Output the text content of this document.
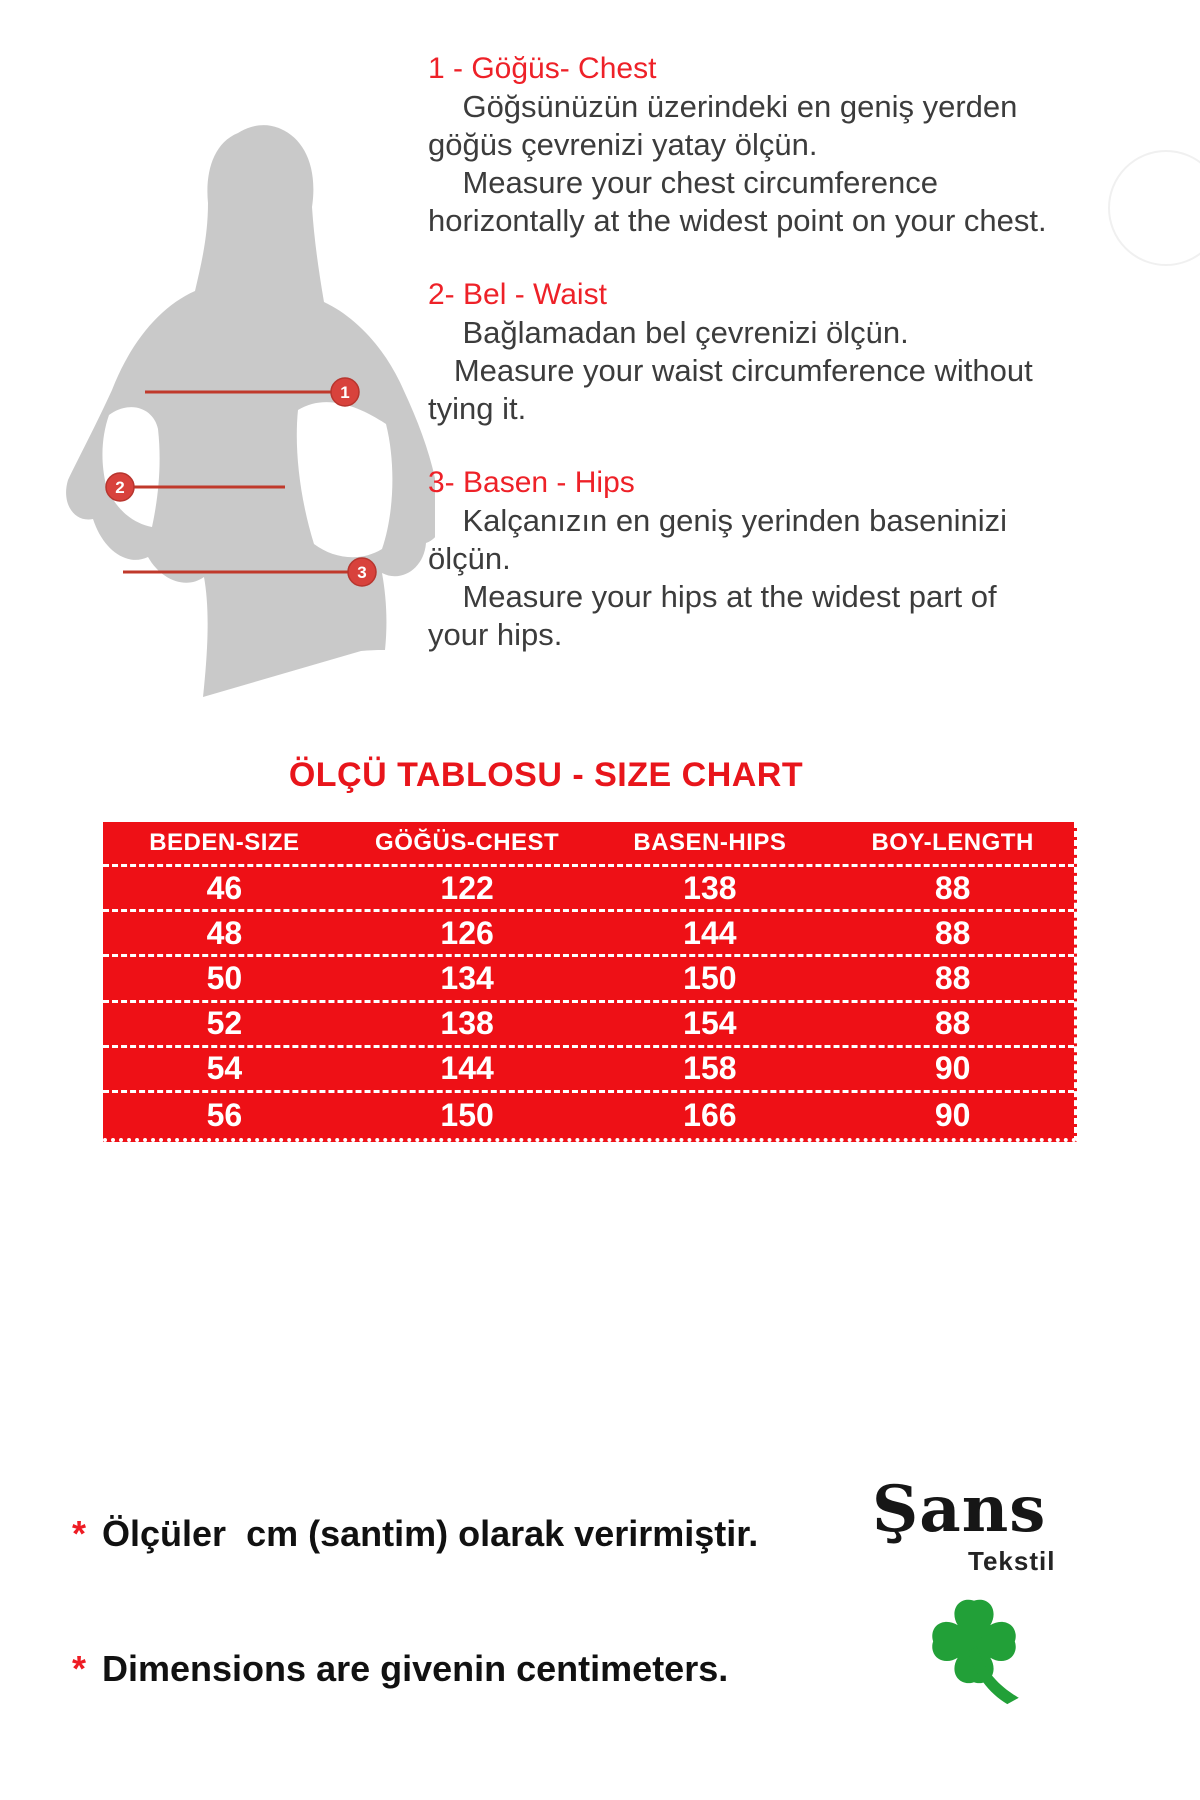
1
2
3
1 - Göğüs- Chest
Göğsünüzün üzerindeki en geniş yerden
göğüs çevrenizi yatay ölçün.
Measure your chest circumference
horizontally at the widest point on your chest.
2- Bel - Waist
Bağlamadan bel çevrenizi ölçün.
Measure your waist circumference without
tying it.
3- Basen - Hips
Kalçanızın en geniş yerinden baseninizi
ölçün.
Measure your hips at the widest part of
your hips.
ÖLÇÜ TABLOSU - SIZE CHART
BEDEN-SIZE	GÖĞÜS-CHEST	BASEN-HIPS	BOY-LENGTH
46	122	138	88
48	126	144	88
50	134	150	88
52	138	154	88
54	144	158	90
56	150	166	90
* Ölçüler  cm (santim) olarak verirmiştir.
* Dimensions are givenin centimeters.
Şans
Tekstil
